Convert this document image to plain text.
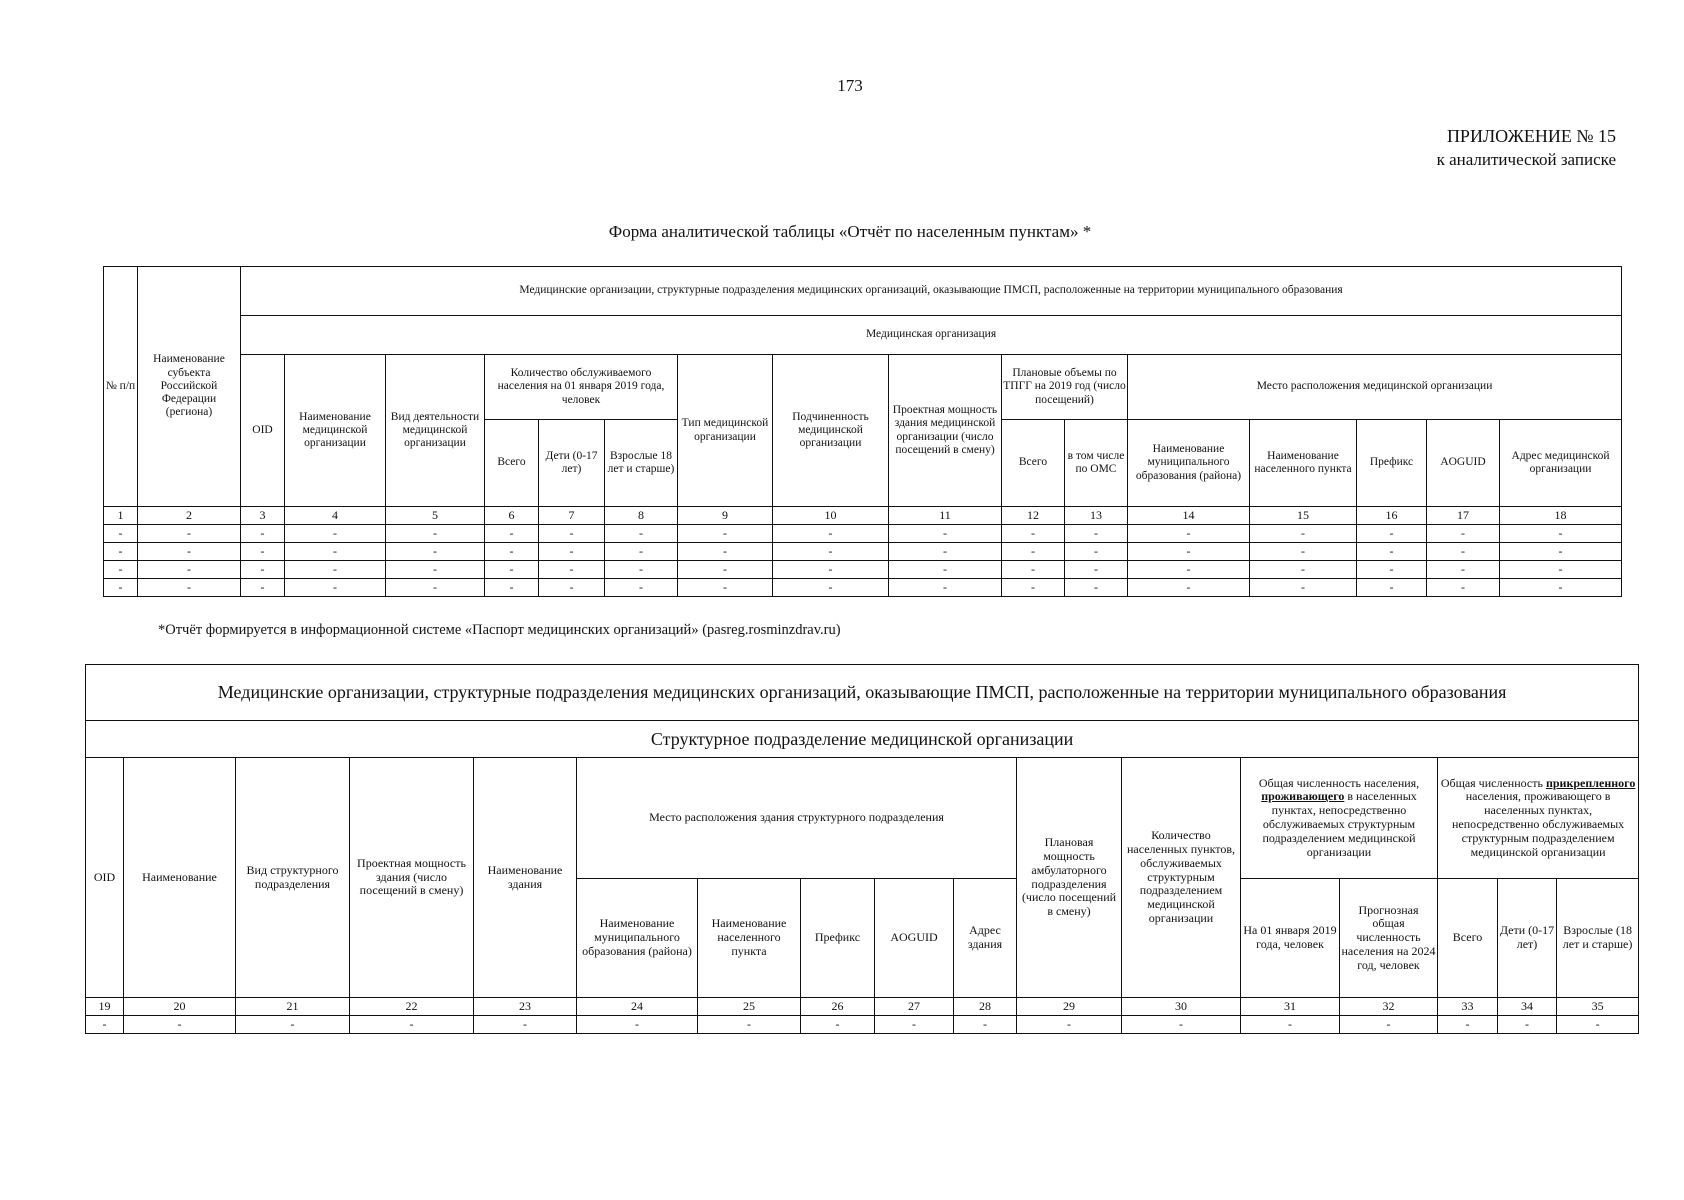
173
ПРИЛОЖЕНИЕ № 15
к аналитической записке
Форма аналитической таблицы «Отчёт по населенным пунктам» *
№ п/п	Наименование субъекта Российской Федерации (региона)	Медицинские организации, структурные подразделения медицинских организаций, оказывающие ПМСП, расположенные на территории муниципального образования															
		Медицинская организация															
		OID	Наименование медицинской организации	Вид деятельности медицинской организации	Количество обслуживаемого населения на 01 января 2019 года, человек			Тип медицинской организации	Подчиненность медицинской организации	Проектная мощность здания медицинской организации (число посещений в смену)	Плановые объемы по ТПГГ на 2019 год (число посещений)		Место расположения медицинской организации				
					Всего	Дети (0-17 лет)	Взрослые 18 лет и старше)				Всего	в том числе по ОМС	Наименование муниципального образования (района)	Наименование населенного пункта	Префикс	AOGUID	Адрес медицинской организации
1	2	3	4	5	6	7	8	9	10	11	12	13	14	15	16	17	18
-	-	-	-	-	-	-	-	-	-	-	-	-	-	-	-	-	-
-	-	-	-	-	-	-	-	-	-	-	-	-	-	-	-	-	-
-	-	-	-	-	-	-	-	-	-	-	-	-	-	-	-	-	-
-	-	-	-	-	-	-	-	-	-	-	-	-	-	-	-	-	-
*Отчёт формируется в информационной системе «Паспорт медицинских организаций» (pasreg.rosminzdrav.ru)
Медицинские организации, структурные подразделения медицинских организаций, оказывающие ПМСП, расположенные на территории муниципального образования																
Структурное подразделение медицинской организации																
OID	Наименование	Вид структурного подразделения	Проектная мощность здания (число посещений в смену)	Наименование здания	Место расположения здания структурного подразделения					Плановая мощность амбулаторного подразделения (число посещений в смену)	Количество населенных пунктов, обслуживаемых структурным подразделением медицинской организации	Общая численность населения, проживающего в населенных пунктах, непосредственно обслуживаемых структурным подразделением медицинской организации		Общая численность прикрепленного населения, проживающего в населенных пунктах, непосредственно обслуживаемых структурным подразделением медицинской организации		
					Наименование муниципального образования (района)	Наименование населенного пункта	Префикс	AOGUID	Адрес здания			На 01 января 2019 года, человек	Прогнозная общая численность населения на 2024 год, человек	Всего	Дети (0-17 лет)	Взрослые (18 лет и старше)
19	20	21	22	23	24	25	26	27	28	29	30	31	32	33	34	35
-	-	-	-	-	-	-	-	-	-	-	-	-	-	-	-	-
